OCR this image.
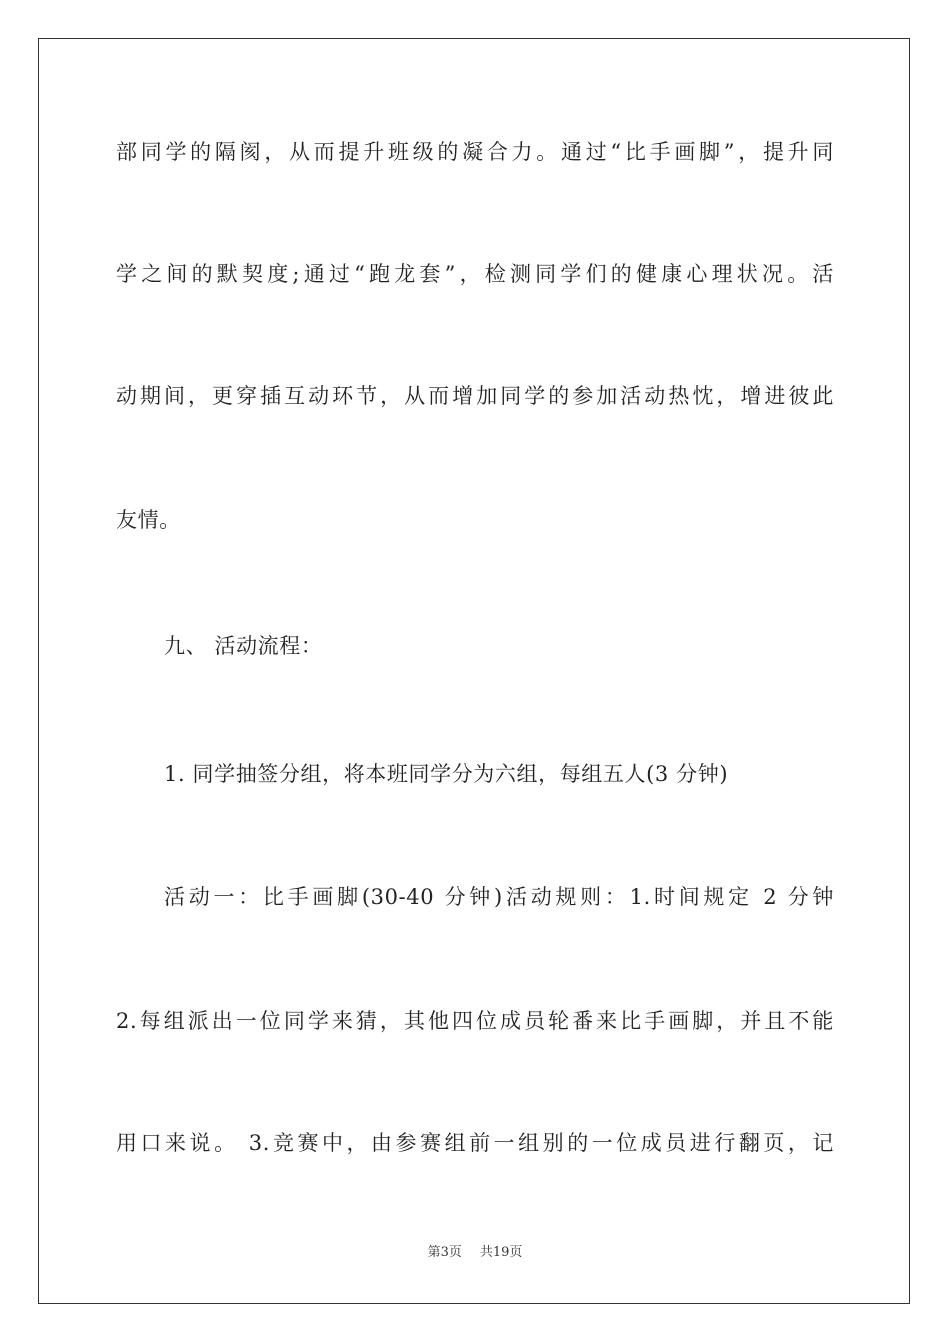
部同学的隔阂，从而提升班级的凝合力。通过“比手画脚”，提升同
学之间的默契度;通过“跑龙套”，检测同学们的健康心理状况。活
动期间，更穿插互动环节，从而增加同学的参加活动热忱，增进彼此
友情。
九、 活动流程：
1. 同学抽签分组，将本班同学分为六组，每组五人(3 分钟)
活动一：比手画脚(30-40 分钟)活动规则：1.时间规定 2 分钟
2.每组派出一位同学来猜，其他四位成员轮番来比手画脚，并且不能
用口来说。 3.竞赛中，由参赛组前一组别的一位成员进行翻页，记
第3页 共19页
